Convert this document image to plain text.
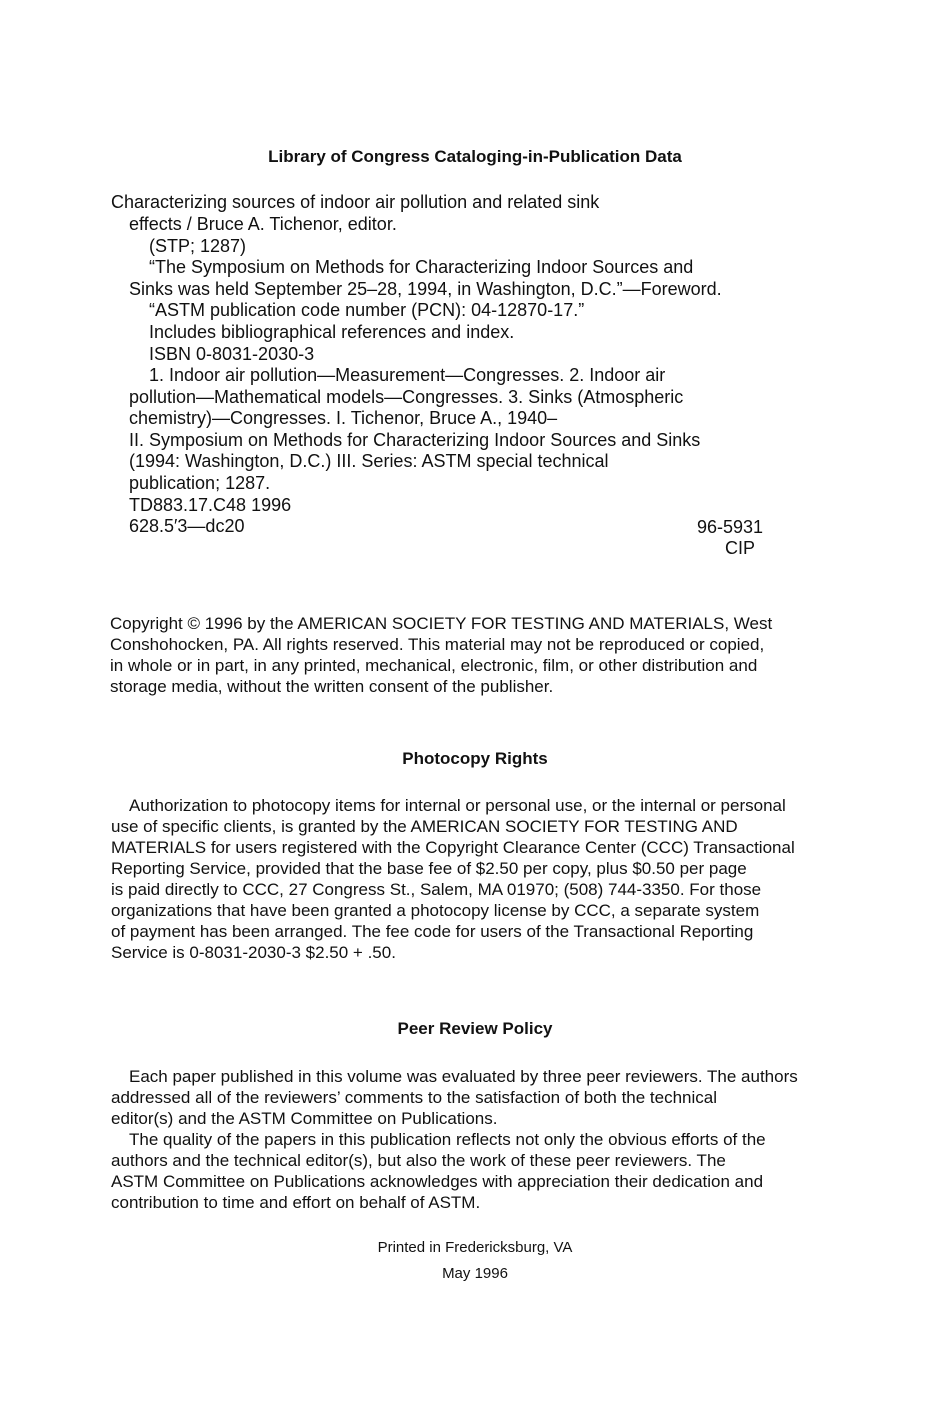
Library of Congress Cataloging-in-Publication Data
Characterizing sources of indoor air pollution and related sink
effects / Bruce A. Tichenor, editor.
(STP; 1287)
“The Symposium on Methods for Characterizing Indoor Sources and
Sinks was held September 25–28, 1994, in Washington, D.C.”—Foreword.
“ASTM publication code number (PCN): 04-12870-17.”
Includes bibliographical references and index.
ISBN 0-8031-2030-3
1. Indoor air pollution—Measurement—Congresses. 2. Indoor air
pollution—Mathematical models—Congresses. 3. Sinks (Atmospheric
chemistry)—Congresses. I. Tichenor, Bruce A., 1940–
II. Symposium on Methods for Characterizing Indoor Sources and Sinks
(1994: Washington, D.C.) III. Series: ASTM special technical
publication; 1287.
TD883.17.C48 1996
628.5′3—dc20	96-5931
CIP
Copyright © 1996 by the AMERICAN SOCIETY FOR TESTING AND MATERIALS, West
Conshohocken, PA. All rights reserved. This material may not be reproduced or copied,
in whole or in part, in any printed, mechanical, electronic, film, or other distribution and
storage media, without the written consent of the publisher.
Photocopy Rights
Authorization to photocopy items for internal or personal use, or the internal or personal
use of specific clients, is granted by the AMERICAN SOCIETY FOR TESTING AND
MATERIALS for users registered with the Copyright Clearance Center (CCC) Transactional
Reporting Service, provided that the base fee of $2.50 per copy, plus $0.50 per page
is paid directly to CCC, 27 Congress St., Salem, MA 01970; (508) 744-3350. For those
organizations that have been granted a photocopy license by CCC, a separate system
of payment has been arranged. The fee code for users of the Transactional Reporting
Service is 0-8031-2030-3 $2.50 + .50.
Peer Review Policy
Each paper published in this volume was evaluated by three peer reviewers. The authors
addressed all of the reviewers’ comments to the satisfaction of both the technical
editor(s) and the ASTM Committee on Publications.
The quality of the papers in this publication reflects not only the obvious efforts of the
authors and the technical editor(s), but also the work of these peer reviewers. The
ASTM Committee on Publications acknowledges with appreciation their dedication and
contribution to time and effort on behalf of ASTM.
Printed in Fredericksburg, VA
May 1996
